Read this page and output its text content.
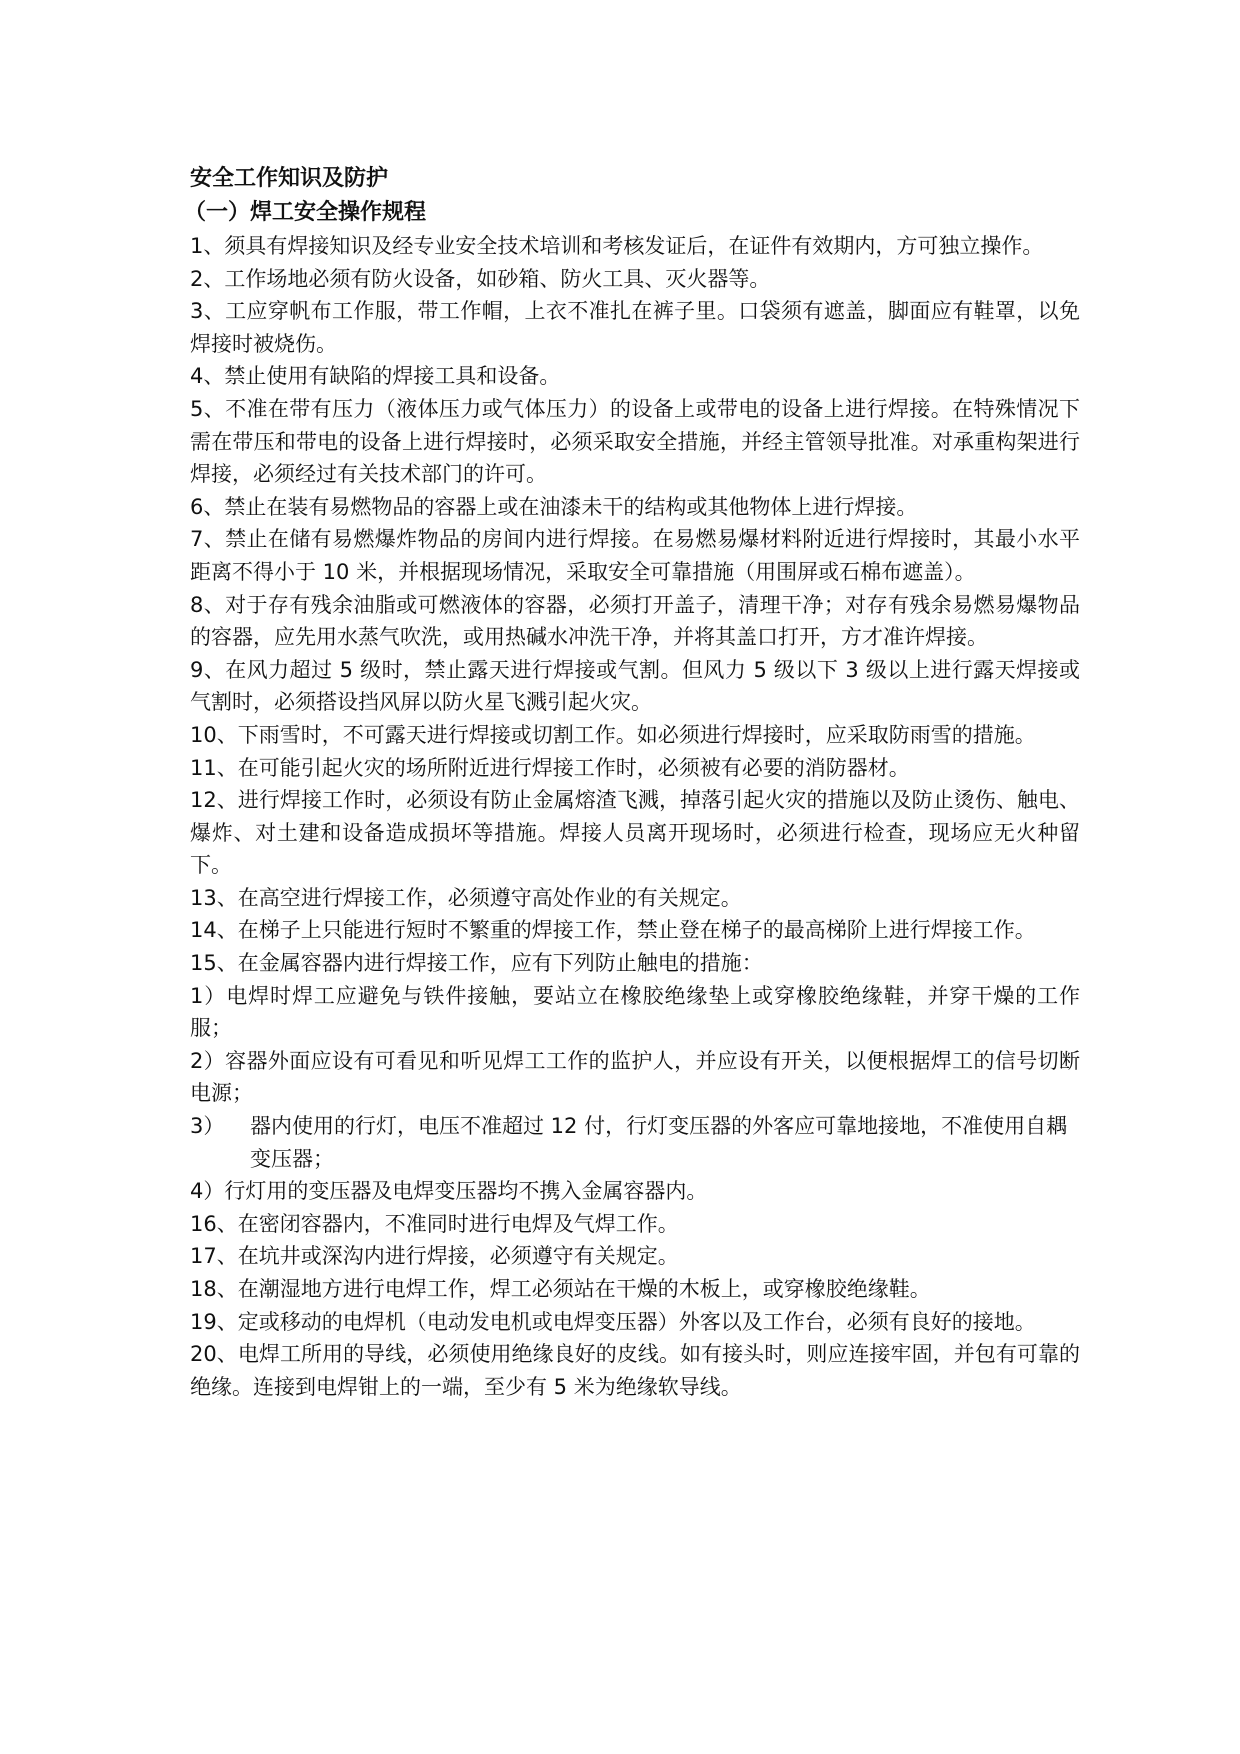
安全工作知识及防护
（一）焊工安全操作规程

1、须具有焊接知识及经专业安全技术培训和考核发证后，在证件有效期内，方可独立操作。

2、工作场地必须有防火设备，如砂箱、防火工具、灭火器等。

3、工应穿帆布工作服，带工作帽，上衣不准扎在裤子里。口袋须有遮盖，脚面应有鞋罩，以免焊接时被烧伤。

4、禁止使用有缺陷的焊接工具和设备。

5、不准在带有压力（液体压力或气体压力）的设备上或带电的设备上进行焊接。在特殊情况下需在带压和带电的设备上进行焊接时，必须采取安全措施，并经主管领导批准。对承重构架进行焊接，必须经过有关技术部门的许可。

6、禁止在装有易燃物品的容器上或在油漆未干的结构或其他物体上进行焊接。

7、禁止在储有易燃爆炸物品的房间内进行焊接。在易燃易爆材料附近进行焊接时，其最小水平距离不得小于 10 米，并根据现场情况，采取安全可靠措施（用围屏或石棉布遮盖）。

8、对于存有残余油脂或可燃液体的容器，必须打开盖子，清理干净；对存有残余易燃易爆物品的容器，应先用水蒸气吹洗，或用热碱水冲洗干净，并将其盖口打开，方才准许焊接。

9、在风力超过 5 级时，禁止露天进行焊接或气割。但风力 5 级以下 3 级以上进行露天焊接或气割时，必须搭设挡风屏以防火星飞溅引起火灾。

10、下雨雪时，不可露天进行焊接或切割工作。如必须进行焊接时，应采取防雨雪的措施。

11、在可能引起火灾的场所附近进行焊接工作时，必须被有必要的消防器材。

12、进行焊接工作时，必须设有防止金属熔渣飞溅，掉落引起火灾的措施以及防止烫伤、触电、爆炸、对土建和设备造成损坏等措施。焊接人员离开现场时，必须进行检查，现场应无火种留下。

13、在高空进行焊接工作，必须遵守高处作业的有关规定。

14、在梯子上只能进行短时不繁重的焊接工作，禁止登在梯子的最高梯阶上进行焊接工作。

15、在金属容器内进行焊接工作，应有下列防止触电的措施：

1）电焊时焊工应避免与铁件接触，要站立在橡胶绝缘垫上或穿橡胶绝缘鞋，并穿干燥的工作服；

2）容器外面应设有可看见和听见焊工工作的监护人，并应设有开关，以便根据焊工的信号切断电源；

3）	器内使用的行灯，电压不准超过 12 付，行灯变压器的外客应可靠地接地，不准使用自耦变压器；

4）行灯用的变压器及电焊变压器均不携入金属容器内。

16、在密闭容器内，不准同时进行电焊及气焊工作。

17、在坑井或深沟内进行焊接，必须遵守有关规定。

18、在潮湿地方进行电焊工作，焊工必须站在干燥的木板上，或穿橡胶绝缘鞋。

19、定或移动的电焊机（电动发电机或电焊变压器）外客以及工作台，必须有良好的接地。

20、电焊工所用的导线，必须使用绝缘良好的皮线。如有接头时，则应连接牢固，并包有可靠的绝缘。连接到电焊钳上的一端，至少有 5 米为绝缘软导线。
